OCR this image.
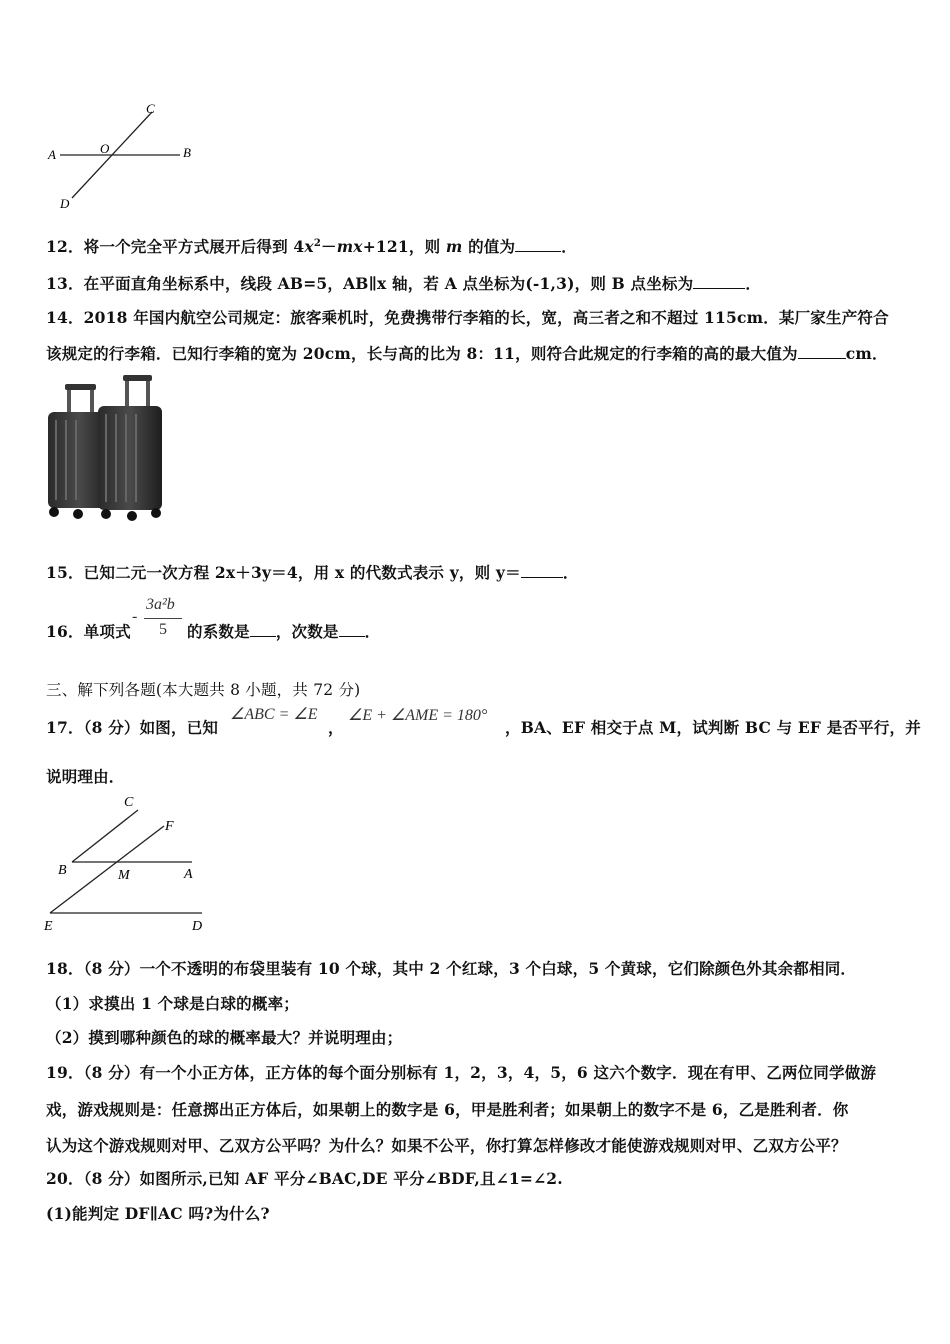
C
O
A	B
D
12．将一个完全平方式展开后得到 $4x^2-mx+121$，则 m 的值为	．
13．在平面直角坐标系中，线段 AB=5，AB∥x 轴，若 A 点坐标为(-1,3)，则 B 点坐标为	．
14．2018 年国内航空公司规定：旅客乘机时，免费携带行李箱的长，宽，高三者之和不超过 115cm．某厂家生产符合
该规定的行李箱．已知行李箱的宽为 20cm，长与高的比为 8：11，则符合此规定的行李箱的高的最大值为	cm．
15．已知二元一次方程 2x＋3y＝4，用 x 的代数式表示 y，则 y＝	．
16．单项式
-
3a²b
5 的系数是 ，次数是 ．
三、解下列各题(本大题共 8 小题，共 72 分)
17．（8 分）如图，已知
∠ABC = ∠E
，
∠E + ∠AME = 180°
，BA、EF 相交于点 M，试判断 BC 与 EF 是否平行，并
说明理由．
C
F
B	M	A
E	D
18．（8 分）一个不透明的布袋里装有 10 个球，其中 2 个红球，3 个白球，5 个黄球，它们除颜色外其余都相同．
（1）求摸出 1 个球是白球的概率；
（2）摸到哪种颜色的球的概率最大？并说明理由；
19．（8 分）有一个小正方体，正方体的每个面分别标有 1，2，3，4，5，6 这六个数字．现在有甲、乙两位同学做游
戏，游戏规则是：任意掷出正方体后，如果朝上的数字是 6，甲是胜利者；如果朝上的数字不是 6，乙是胜利者．你
认为这个游戏规则对甲、乙双方公平吗？为什么？如果不公平，你打算怎样修改才能使游戏规则对甲、乙双方公平？
20．（8 分）如图所示,已知 AF 平分∠BAC,DE 平分∠BDF,且∠1=∠2.
(1)能判定 DF∥AC 吗?为什么?
